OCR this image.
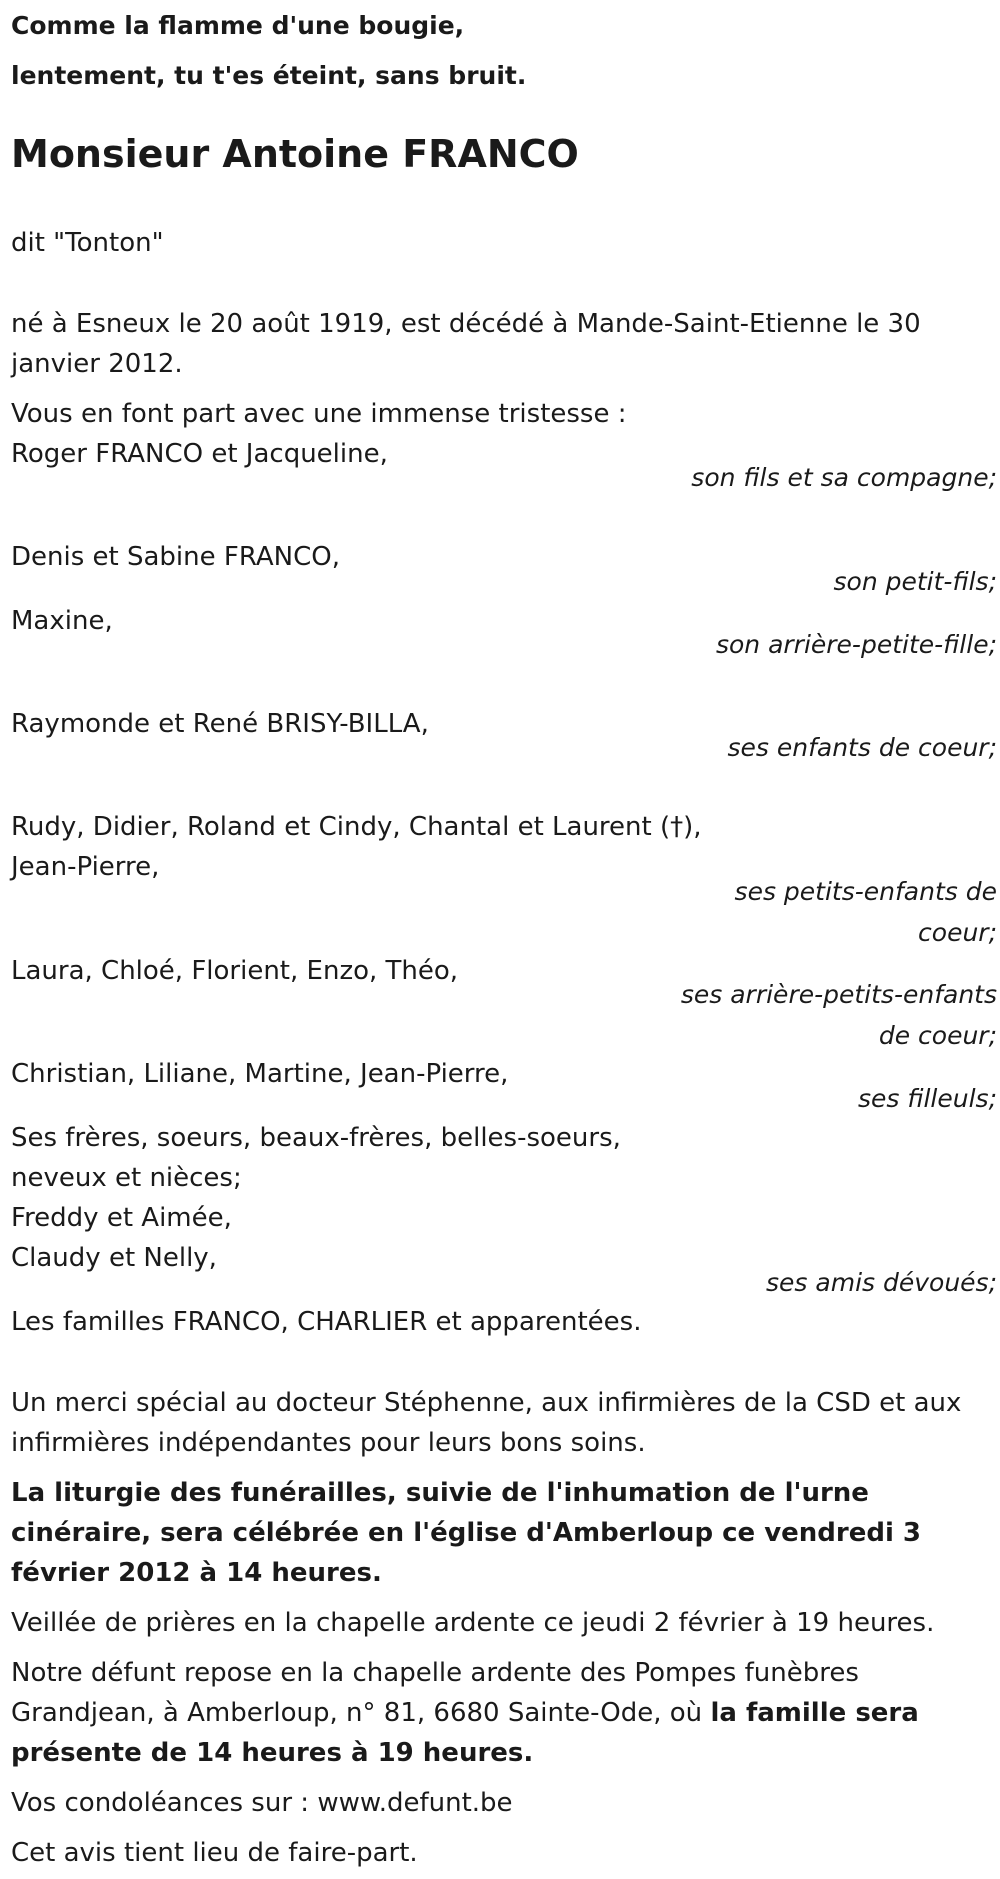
Comme la flamme d'une bougie,
lentement, tu t'es éteint, sans bruit.
Monsieur Antoine FRANCO
dit "Tonton"
né à Esneux le 20 août 1919, est décédé à Mande-Saint-Etienne le 30 janvier 2012.
Vous en font part avec une immense tristesse :
Roger FRANCO et Jacqueline,
son fils et sa compagne;
Denis et Sabine FRANCO,
son petit-fils;
Maxine,
son arrière-petite-fille;
Raymonde et René BRISY-BILLA,
ses enfants de coeur;
Rudy, Didier, Roland et Cindy, Chantal et Laurent (†),
Jean-Pierre,
ses petits-enfants de coeur;
Laura, Chloé, Florient, Enzo, Théo,
ses arrière-petits-enfants de coeur;
Christian, Liliane, Martine, Jean-Pierre,
ses filleuls;
Ses frères, soeurs, beaux-frères, belles-soeurs,
neveux et nièces;
Freddy et Aimée,
Claudy et Nelly,
ses amis dévoués;
Les familles FRANCO, CHARLIER et apparentées.
Un merci spécial au docteur Stéphenne, aux infirmières de la CSD et aux infirmières indépendantes pour leurs bons soins.
La liturgie des funérailles, suivie de l'inhumation de l'urne cinéraire, sera célébrée en l'église d'Amberloup ce vendredi 3 février 2012 à 14 heures.
Veillée de prières en la chapelle ardente ce jeudi 2 février à 19 heures.
Notre défunt repose en la chapelle ardente des Pompes funèbres Grandjean, à Amberloup, n° 81, 6680 Sainte-Ode, où la famille sera présente de 14 heures à 19 heures.
Vos condoléances sur : www.defunt.be
Cet avis tient lieu de faire-part.
